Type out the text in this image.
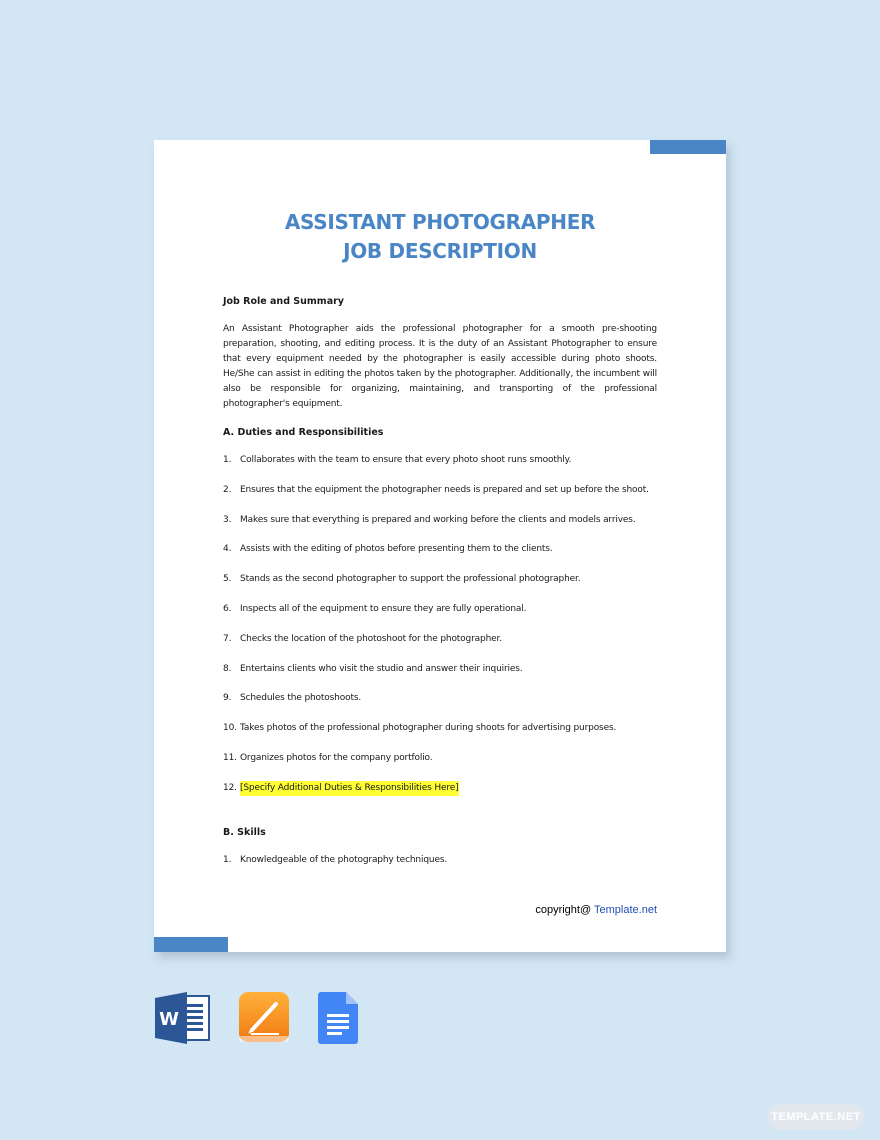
ASSISTANT PHOTOGRAPHER
JOB DESCRIPTION

Job Role and Summary

An Assistant Photographer aids the professional photographer for a smooth pre-shooting preparation, shooting, and editing process. It is the duty of an Assistant Photographer to ensure that every equipment needed by the photographer is easily accessible during photo shoots. He/She can assist in editing the photos taken by the photographer. Additionally, the incumbent will also be responsible for organizing, maintaining, and transporting of the professional photographer's equipment.

A. Duties and Responsibilities

1. Collaborates with the team to ensure that every photo shoot runs smoothly.
2. Ensures that the equipment the photographer needs is prepared and set up before the shoot.
3. Makes sure that everything is prepared and working before the clients and models arrives.
4. Assists with the editing of photos before presenting them to the clients.
5. Stands as the second photographer to support the professional photographer.
6. Inspects all of the equipment to ensure they are fully operational.
7. Checks the location of the photoshoot for the photographer.
8. Entertains clients who visit the studio and answer their inquiries.
9. Schedules the photoshoots.
10. Takes photos of the professional photographer during shoots for advertising purposes.
11. Organizes photos for the company portfolio.
12. [Specify Additional Duties & Responsibilities Here]

B. Skills

1. Knowledgeable of the photography techniques.
copyright@ Template.net
W
TEMPLATE.NET
